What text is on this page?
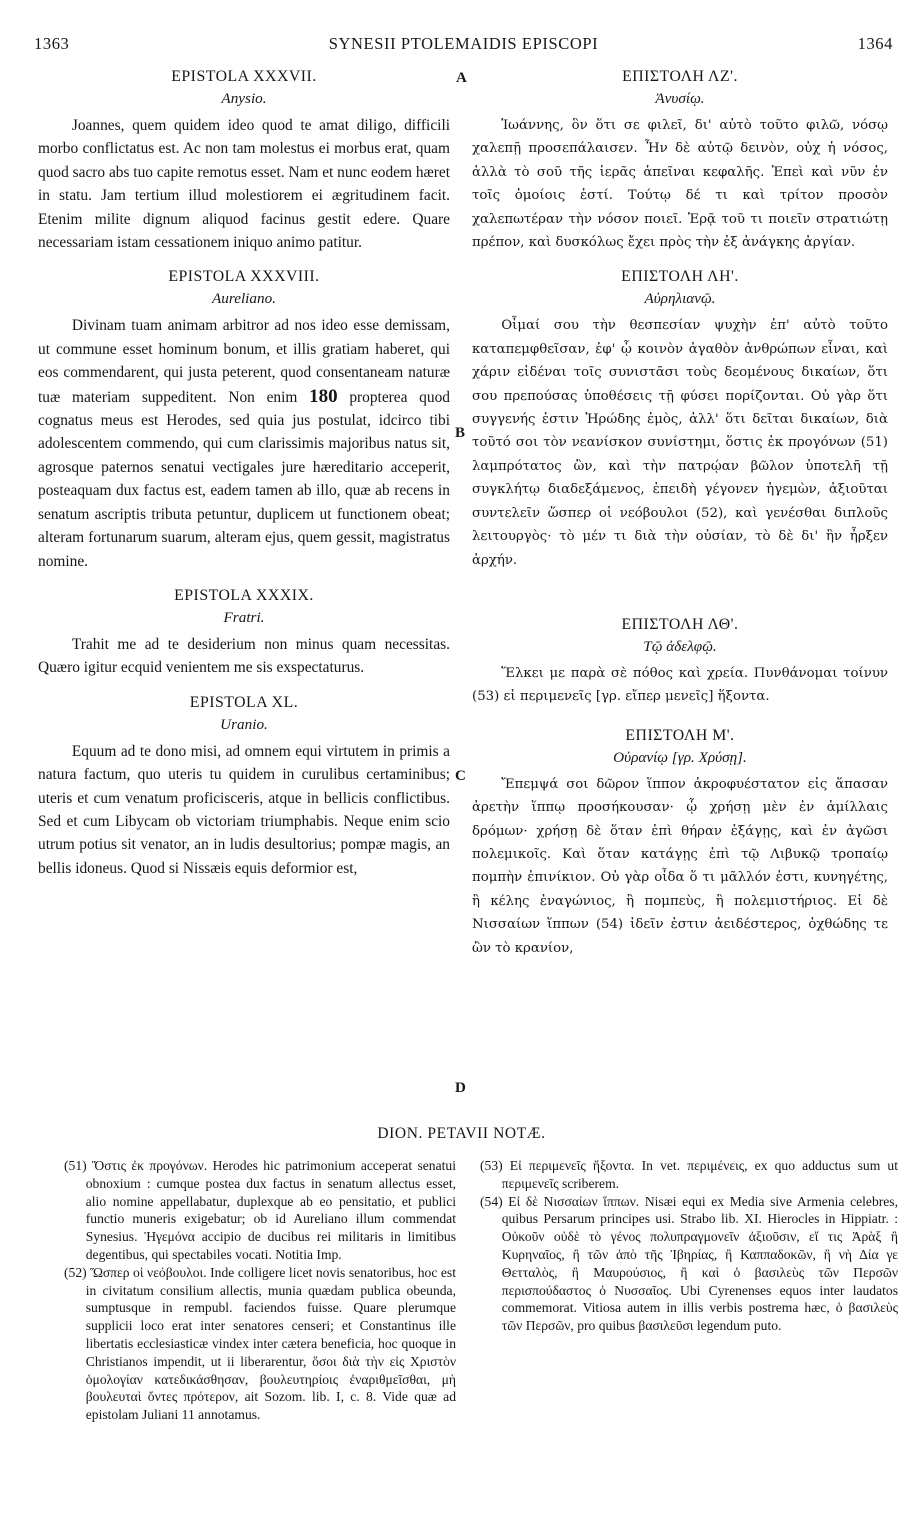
1363	SYNESII PTOLEMAIDIS EPISCOPI	1364
A
B
C
D

EPISTOLA XXXVII.

Anysio.

Joannes, quem quidem ideo quod te amat diligo, difficili morbo conflictatus est. Ac non tam molestus ei morbus erat, quam quod sacro abs tuo capite remotus esset. Nam et nunc eodem hæret in statu. Jam tertium illud molestiorem ei ægritudinem facit. Etenim milite dignum aliquod facinus gestit edere. Quare necessariam istam cessationem iniquo animo patitur.

EPISTOLA XXXVIII.

Aureliano.

Divinam tuam animam arbitror ad nos ideo esse demissam, ut commune esset hominum bonum, et illis gratiam haberet, qui eos commendarent, qui justa peterent, quod consentaneam naturæ tuæ materiam suppeditent. Non enim 180 propterea quod cognatus meus est Herodes, sed quia jus postulat, idcirco tibi adolescentem commendo, qui cum clarissimis majoribus natus sit, agrosque paternos senatui vectigales jure hæreditario acceperit, posteaquam dux factus est, eadem tamen ab illo, quæ ab recens in senatum ascriptis tributa petuntur, duplicem ut functionem obeat; alteram fortunarum suarum, alteram ejus, quem gessit, magistratus nomine.

EPISTOLA XXXIX.

Fratri.

Trahit me ad te desiderium non minus quam necessitas. Quæro igitur ecquid venientem me sis exspectaturus.

EPISTOLA XL.

Uranio.

Equum ad te dono misi, ad omnem equi virtutem in primis a natura factum, quo uteris tu quidem in curulibus certaminibus; uteris et cum venatum proficisceris, atque in bellicis conflictibus. Sed et cum Libycam ob victoriam triumphabis. Neque enim scio utrum potius sit venator, an in ludis desultorius; pompæ magis, an bellis idoneus. Quod si Nissæis equis deformior est,

ΕΠΙΣΤΟΛΗ ΛΖ'.

Ἀνυσίῳ.

Ἰωάννης, ὃν ὅτι σε φιλεῖ, δι' αὐτὸ τοῦτο φιλῶ, νόσῳ χαλεπῇ προσεπάλαισεν. Ἦν δὲ αὐτῷ δεινὸν, οὐχ ἡ νόσος, ἀλλὰ τὸ σοῦ τῆς ἱερᾶς ἀπεῖναι κεφαλῆς. Ἐπεὶ καὶ νῦν ἐν τοῖς ὁμοίοις ἐστί. Τούτῳ δέ τι καὶ τρίτον προσὸν χαλεπωτέραν τὴν νόσον ποιεῖ. Ἐρᾷ τοῦ τι ποιεῖν στρατιώτῃ πρέπον, καὶ δυσκόλως ἔχει πρὸς τὴν ἐξ ἀνάγκης ἀργίαν.

ΕΠΙΣΤΟΛΗ ΛΗ'.

Αὐρηλιανῷ.

Οἶμαί σου τὴν θεσπεσίαν ψυχὴν ἐπ' αὐτὸ τοῦτο καταπεμφθεῖσαν, ἐφ' ᾧ κοινὸν ἀγαθὸν ἀνθρώπων εἶναι, καὶ χάριν εἰδέναι τοῖς συνιστᾶσι τοὺς δεομένους δικαίων, ὅτι σου πρεπούσας ὑποθέσεις τῇ φύσει πορίζονται. Οὐ γὰρ ὅτι συγγενής ἐστιν Ἡρώδης ἐμὸς, ἀλλ' ὅτι δεῖται δικαίων, διὰ τοῦτό σοι τὸν νεανίσκον συνίστημι, ὅστις ἐκ προγόνων (51) λαμπρότατος ὢν, καὶ τὴν πατρῴαν βῶλον ὑποτελῆ τῇ συγκλήτῳ διαδεξάμενος, ἐπειδὴ γέγονεν ἡγεμὼν, ἀξιοῦται συντελεῖν ὥσπερ οἱ νεόβουλοι (52), καὶ γενέσθαι διπλοῦς λειτουργὸς· τὸ μέν τι διὰ τὴν οὐσίαν, τὸ δὲ δι' ἣν ἦρξεν ἀρχήν.

ΕΠΙΣΤΟΛΗ ΛΘ'.

Τῷ ἀδελφῷ.

Ἕλκει με παρὰ σὲ πόθος καὶ χρεία. Πυνθάνομαι τοίνυν (53) εἰ περιμενεῖς [γρ. εἴπερ μενεῖς] ἥξοντα.

ΕΠΙΣΤΟΛΗ Μ'.

Οὐρανίῳ [γρ. Χρύσῃ].

Ἔπεμψά σοι δῶρον ἵππον ἀκροφυέστατον εἰς ἅπασαν ἀρετὴν ἵππῳ προσήκουσαν· ᾧ χρήσῃ μὲν ἐν ἁμίλλαις δρόμων· χρήσῃ δὲ ὅταν ἐπὶ θήραν ἐξάγῃς, καὶ ἐν ἀγῶσι πολεμικοῖς. Καὶ ὅταν κατάγῃς ἐπὶ τῷ Λιβυκῷ τροπαίῳ πομπὴν ἐπινίκιον. Οὐ γὰρ οἶδα ὅ τι μᾶλλόν ἐστι, κυνηγέτης, ἢ κέλης ἐναγώνιος, ἢ πομπεὺς, ἢ πολεμιστήριος. Εἰ δὲ Νισσαίων ἵππων (54) ἰδεῖν ἐστιν ἀειδέστερος, ὀχθώδης τε ὢν τὸ κρανίον,

DION. PETAVII NOTÆ.

(51) Ὅστις ἐκ προγόνων. Herodes hic patrimonium acceperat senatui obnoxium : cumque postea dux factus in senatum allectus esset, alio nomine appellabatur, duplexque ab eo pensitatio, et publici functio muneris exigebatur; ob id Aureliano illum commendat Synesius. Ἡγεμόνα accipio de ducibus rei militaris in limitibus degentibus, qui spectabiles vocati. Notitia Imp.

(52) Ὥσπερ οἱ νεόβουλοι. Inde colligere licet novis senatoribus, hoc est in civitatum consilium allectis, munia quædam publica obeunda, sumptusque in rempubl. faciendos fuisse. Quare plerumque supplicii loco erat inter senatores censeri; et Constantinus ille libertatis ecclesiasticæ vindex inter cætera beneficia, hoc quoque in Christianos impendit, ut ii liberarentur, ὅσοι διὰ τὴν εἰς Χριστὸν ὁμολογίαν κατεδικάσθησαν, βουλευτηρίοις ἐναριθμεῖσθαι, μὴ βουλευταὶ ὄντες πρότερον, ait Sozom. lib. I, c. 8. Vide quæ ad epistolam Juliani 11 annotamus.

(53) Εἰ περιμενεῖς ἥξοντα. In vet. περιμένεις, ex quo adductus sum ut περιμενεῖς scriberem.

(54) Εἰ δὲ Νισσαίων ἵππων. Nisæi equi ex Media sive Armenia celebres, quibus Persarum principes usi. Strabo lib. XI. Hierocles in Hippiatr. : Οὐκοῦν οὐδὲ τὸ γένος πολυπραγμονεῖν ἀξιοῦσιν, εἴ τις Ἀρὰξ ἢ Κυρηναῖος, ἢ τῶν ἀπὸ τῆς Ἰβηρίας, ἢ Καππαδοκῶν, ἢ νὴ Δία γε Θετταλὸς, ἢ Μαυρούσιος, ἢ καὶ ὁ βασιλεὺς τῶν Περσῶν περισπούδαστος ὁ Νυσσαῖος. Ubi Cyrenenses equos inter laudatos commemorat. Vitiosa autem in illis verbis postrema hæc, ὁ βασιλεὺς τῶν Περσῶν, pro quibus βασιλεῦσι legendum puto.
